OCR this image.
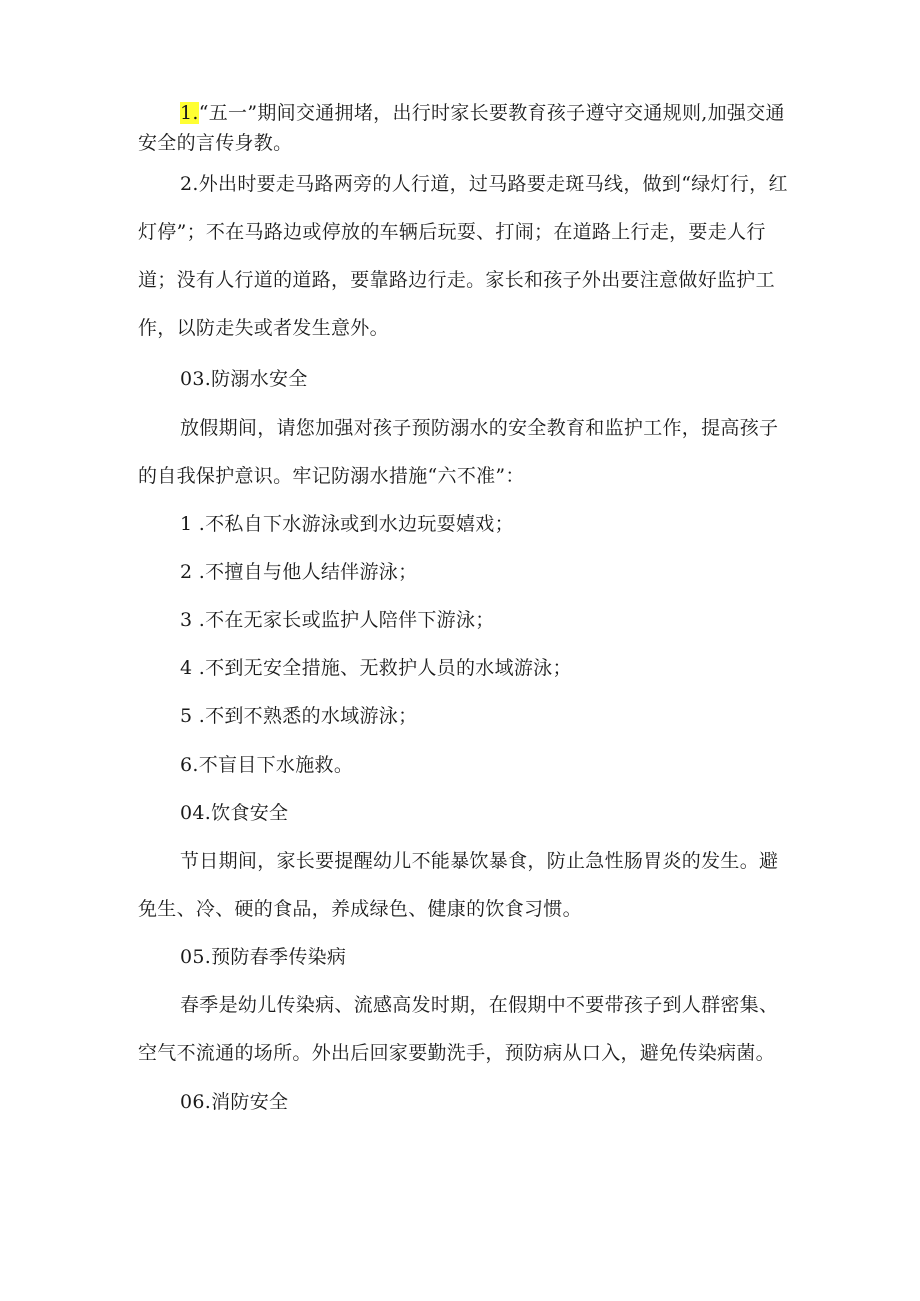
1.“五一”期间交通拥堵，出行时家长要教育孩子遵守交通规则,加强交通安全的言传身教。

2.外出时要走马路两旁的人行道，过马路要走斑马线，做到“绿灯行，红灯停”；不在马路边或停放的车辆后玩耍、打闹；在道路上行走，要走人行道；没有人行道的道路，要靠路边行走。家长和孩子外出要注意做好监护工作，以防走失或者发生意外。

03.防溺水安全

放假期间，请您加强对孩子预防溺水的安全教育和监护工作，提高孩子的自我保护意识。牢记防溺水措施“六不准”：

1 .不私自下水游泳或到水边玩耍嬉戏；

2 .不擅自与他人结伴游泳；

3 .不在无家长或监护人陪伴下游泳；

4 .不到无安全措施、无救护人员的水域游泳；

5 .不到不熟悉的水域游泳；

6.不盲目下水施救。

04.饮食安全

节日期间，家长要提醒幼儿不能暴饮暴食，防止急性肠胃炎的发生。避免生、冷、硬的食品，养成绿色、健康的饮食习惯。

05.预防春季传染病

春季是幼儿传染病、流感高发时期，在假期中不要带孩子到人群密集、空气不流通的场所。外出后回家要勤洗手，预防病从口入，避免传染病菌。

06.消防安全
